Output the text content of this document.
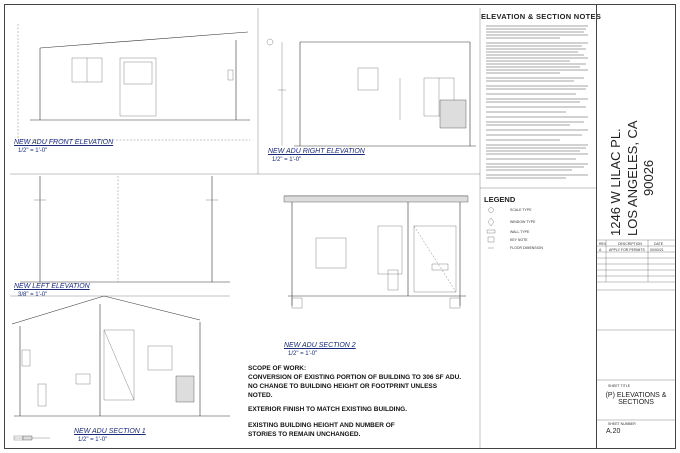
ELEVATION & SECTION NOTES
NEW ADU FRONT ELEVATION
1/2" = 1'-0"	NEW ADU RIGHT ELEVATION
1/2" = 1'-0"
NEW LEFT ELEVATION
3/8" = 1'-0"
NEW ADU SECTION 1
1/2" = 1'-0"
NEW ADU SECTION 2
1/2" = 1'-0"
SCOPE OF WORK:
CONVERSION OF EXISTING PORTION OF BUILDING TO 306 SF ADU.
NO CHANGE TO BUILDING HEIGHT OR FOOTPRINT UNLESS
NOTED.
EXTERIOR FINISH TO MATCH EXISTING BUILDING.
EXISTING BUILDING HEIGHT AND NUMBER OF
STORIES TO REMAIN UNCHANGED.
LEGEND
SCALE TYPE
WINDOW TYPE
WALL TYPE
KEY NOTE
FLOOR DIMENSION
1246 W LILAC PL. LOS ANGELES, CA 90026
REV	DESCRIPTION	DATE
A APPLY FOR PERMITS 00/00/21
SHEET TITLE
(P) ELEVATIONS & SECTIONS
SHEET NUMBER
A.20
